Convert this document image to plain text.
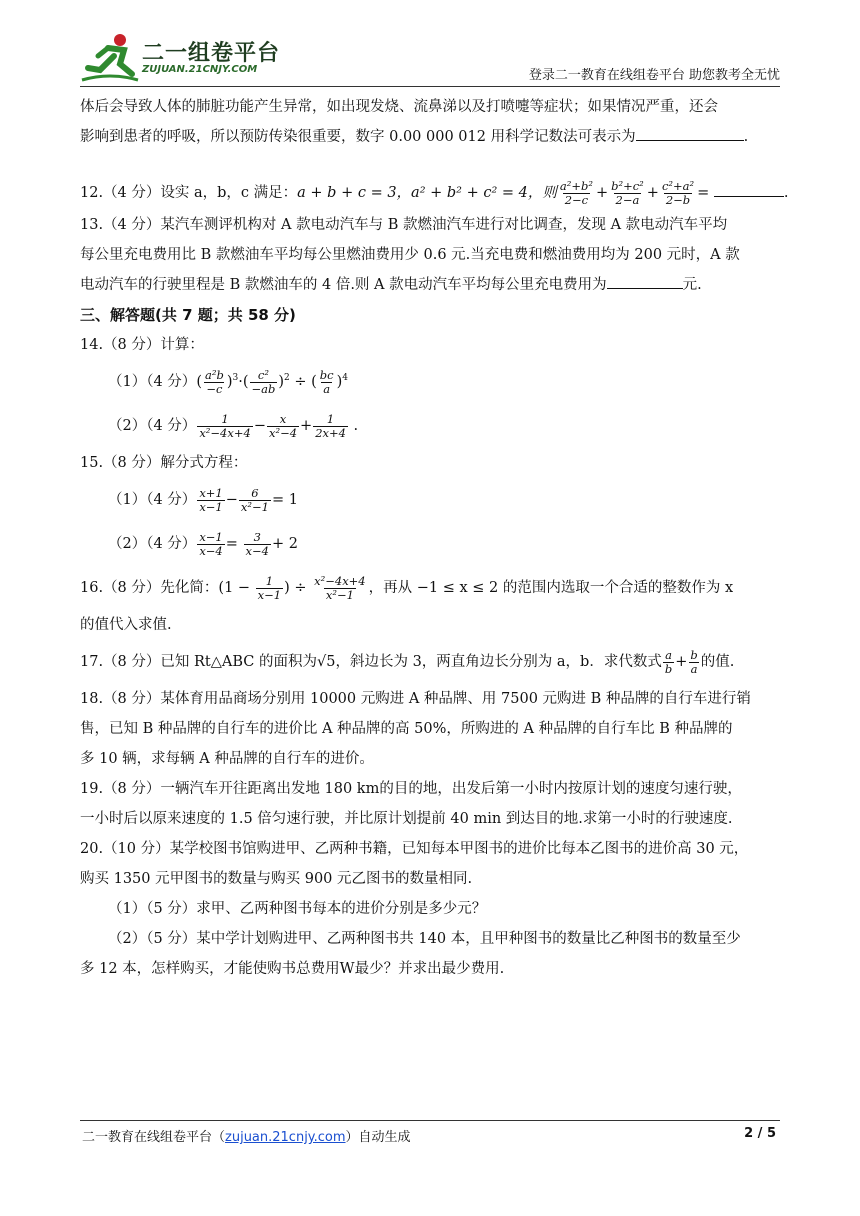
二一组卷平台
ZUJUAN.21CNJY.COM	登录二一教育在线组卷平台 助您教考全无忧
体后会导致人体的肺脏功能产生异常，如出现发烧、流鼻涕以及打喷嚏等症状；如果情况严重，还会
影响到患者的呼吸，所以预防传染很重要，数字 0.00 000 012 用科学记数法可表示为	.
12.（4 分）设实 a，b，c 满足：a + b + c = 3，a² + b² + c² = 4，则 $\frac{\text{a²+b²}}{2-c} + \frac{\text{b²+c²}}{2-a} + \frac{\text{c²+a²}}{2-b}$ =	.
13.（4 分）某汽车测评机构对 A 款电动汽车与 B 款燃油汽车进行对比调查，发现 A 款电动汽车平均
每公里充电费用比 B 款燃油车平均每公里燃油费用少 0.6 元.当充电费和燃油费用均为 200 元时，A 款
电动汽车的行驶里程是 B 款燃油车的 4 倍.则 A 款电动汽车平均每公里充电费用为	元.
三、解答题(共 7 题；共 58 分)
14.（8 分）计算：
（1）（4 分）( $\frac{\text{a²b}}{-c} )^3\cdot( \frac{\text{c²}}{-ab} )^2$ ÷ ( $\frac{bc}{a} )^4$
（2）（4 分） $\frac{1}{\text{x²−4x+4}} - \frac{x}{\text{x²−4}} + \frac{1}{2x+4}$ .
15.（8 分）解分式方程：
（1）（4 分） $\frac{x+1}{x-1} - \frac{6}{\text{x²−1}} = 1$
（2）（4 分） $\frac{x-1}{x-4} = \frac{3}{x-4} + 2$
16.（8 分）先化简：($1 - \frac{1}{x-1}$ ) ÷ $\frac{\text{x²−4x+4}}{\text{x²−1}}$ ，再从 −1 ≤ x ≤ 2 的范围内选取一个合适的整数作为 x
的值代入求值.
17.（8 分）已知 Rt△ABC 的面积为√5，斜边长为 3，两直角边长分别为 a，b．求代数式 $\frac{a}{b} + \frac{b}{a}$ 的值.
18.（8 分）某体育用品商场分别用 10000 元购进 A 种品牌、用 7500 元购进 B 种品牌的自行车进行销
售，已知 B 种品牌的自行车的进价比 A 种品牌的高 50%，所购进的 A 种品牌的自行车比 B 种品牌的
多 10 辆，求每辆 A 种品牌的自行车的进价。
19.（8 分）一辆汽车开往距离出发地 180 km的目的地，出发后第一小时内按原计划的速度匀速行驶，
一小时后以原来速度的 1.5 倍匀速行驶，并比原计划提前 40 min 到达目的地.求第一小时的行驶速度.
20.（10 分）某学校图书馆购进甲、乙两种书籍，已知每本甲图书的进价比每本乙图书的进价高 30 元，
购买 1350 元甲图书的数量与购买 900 元乙图书的数量相同.
（1）（5 分）求甲、乙两种图书每本的进价分别是多少元？
（2）（5 分）某中学计划购进甲、乙两种图书共 140 本，且甲种图书的数量比乙种图书的数量至少
多 12 本，怎样购买，才能使购书总费用W最少？并求出最少费用.
二一教育在线组卷平台（zujuan.21cnjy.com）自动生成	2 / 5
